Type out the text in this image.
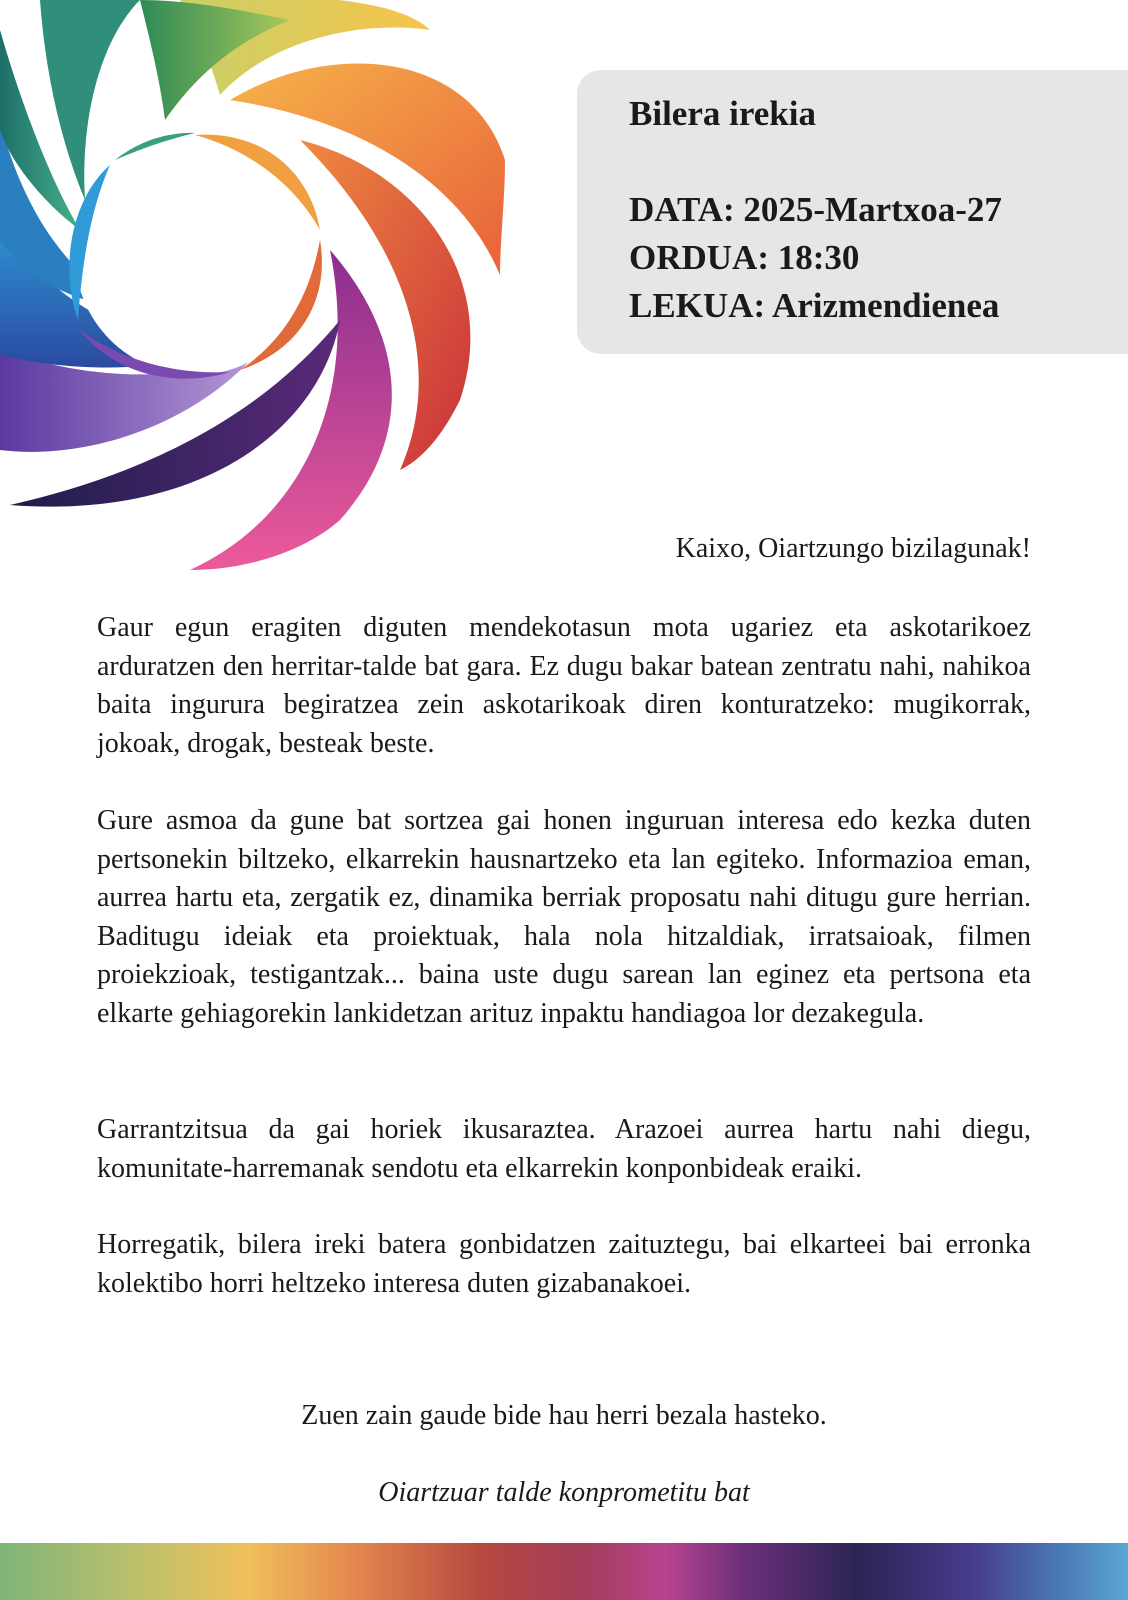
Bilera irekia

DATA: 2025-Martxoa-27

ORDUA: 18:30

LEKUA: Arizmendienea

Kaixo, Oiartzungo bizilagunak!

Gaur egun eragiten diguten mendekotasun mota ugariez eta askotarikoez arduratzen den herritar-talde bat gara. Ez dugu bakar batean zentratu nahi, nahikoa baita ingurura begiratzea zein askotarikoak diren konturatzeko: mugikorrak, jokoak, drogak, besteak beste.

Gure asmoa da gune bat sortzea gai honen inguruan interesa edo kezka duten pertsonekin biltzeko, elkarrekin hausnartzeko eta lan egiteko. Informazioa eman, aurrea hartu eta, zergatik ez, dinamika berriak proposatu nahi ditugu gure herrian. Baditugu ideiak eta proiektuak, hala nola hitzaldiak, irratsaioak, filmen proiekzioak, testigantzak... baina uste dugu sarean lan eginez eta pertsona eta elkarte gehiagorekin lankidetzan arituz inpaktu handiagoa lor dezakegula.

Garrantzitsua da gai horiek ikusaraztea. Arazoei aurrea hartu nahi diegu, komunitate-harremanak sendotu eta elkarrekin konponbideak eraiki.

Horregatik, bilera ireki batera gonbidatzen zaituztegu, bai elkarteei bai erronka kolektibo horri heltzeko interesa duten gizabanakoei.

Zuen zain gaude bide hau herri bezala hasteko.

Oiartzuar talde konprometitu bat
